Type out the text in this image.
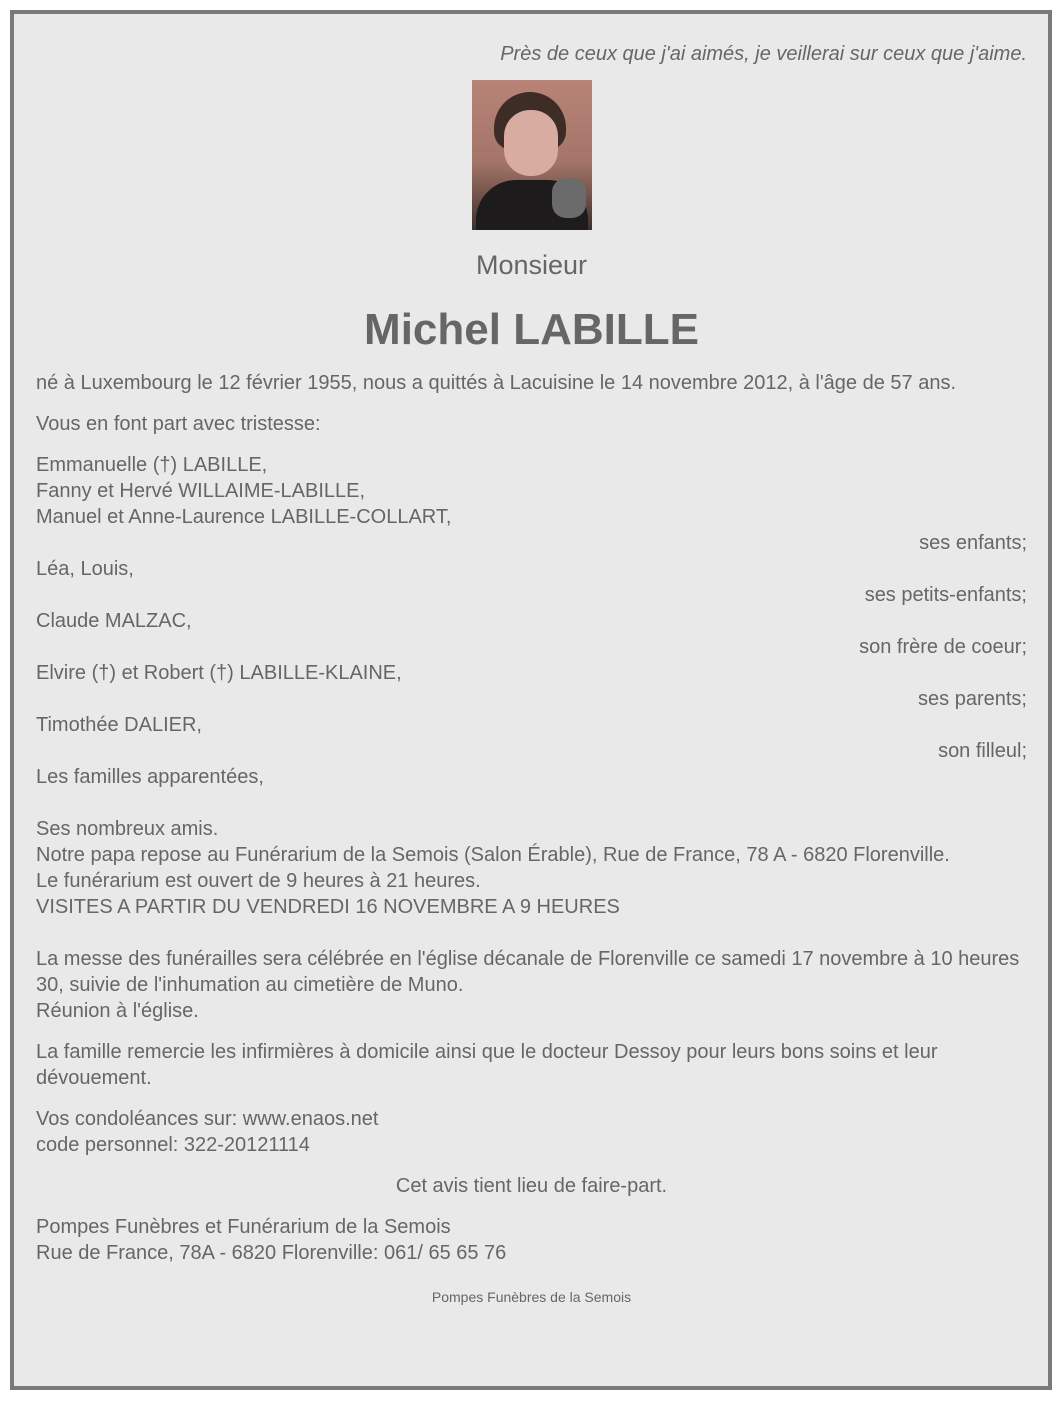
Près de ceux que j'ai aimés, je veillerai sur ceux que j'aime.
Monsieur
Michel LABILLE
né à Luxembourg le 12 février 1955, nous a quittés à Lacuisine le 14 novembre 2012, à l'âge de 57 ans.
Vous en font part avec tristesse:
Emmanuelle (†) LABILLE,
Fanny et Hervé WILLAIME-LABILLE,
Manuel et Anne-Laurence LABILLE-COLLART,
ses enfants;
Léa, Louis,
ses petits-enfants;
Claude MALZAC,
son frère de coeur;
Elvire (†) et Robert (†) LABILLE-KLAINE,
ses parents;
Timothée DALIER,
son filleul;
Les familles apparentées,
Ses nombreux amis.
Notre papa repose au Funérarium de la Semois (Salon Érable), Rue de France, 78 A - 6820 Florenville.
Le funérarium est ouvert de 9 heures à 21 heures.
VISITES A PARTIR DU VENDREDI 16 NOVEMBRE A 9 HEURES
La messe des funérailles sera célébrée en l'église décanale de Florenville ce samedi 17 novembre à 10 heures 30, suivie de l'inhumation au cimetière de Muno.
Réunion à l'église.
La famille remercie les infirmières à domicile ainsi que le docteur Dessoy pour leurs bons soins et leur dévouement.
Vos condoléances sur: www.enaos.net
code personnel: 322-20121114
Cet avis tient lieu de faire-part.
Pompes Funèbres et Funérarium de la Semois
Rue de France, 78A - 6820 Florenville: 061/ 65 65 76
Pompes Funèbres de la Semois
